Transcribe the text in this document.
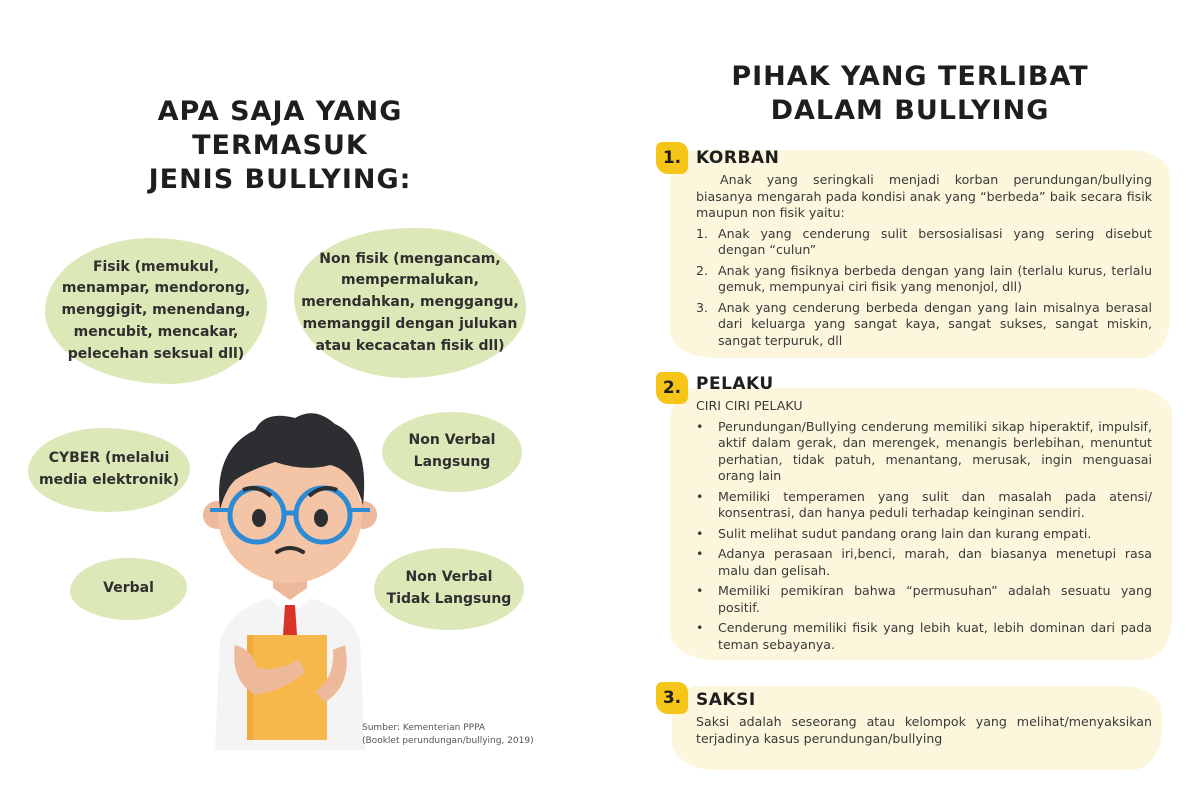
APA SAJA YANG TERMASUK
JENIS BULLYING:
Fisik (memukul,
menampar, mendorong,
menggigit, menendang,
mencubit, mencakar,
pelecehan seksual dll)
Non fisik (mengancam,
mempermalukan,
merendahkan, menggangu,
memanggil dengan julukan
atau kecacatan fisik dll)
CYBER (melalui
media elektronik)
Non Verbal
Langsung
Verbal
Non Verbal
Tidak Langsung
Sumber: Kementerian PPPA
(Booklet perundungan/bullying, 2019)
PIHAK YANG TERLIBAT
DALAM BULLYING
1. KORBAN

Anak yang seringkali menjadi korban perundungan/bullying biasanya mengarah pada kondisi anak yang “berbeda” baik secara fisik maupun non fisik yaitu:

1. Anak yang cenderung sulit bersosialisasi yang sering disebut dengan “culun”
2. Anak yang fisiknya berbeda dengan yang lain (terlalu kurus, terlalu gemuk, mempunyai ciri fisik yang menonjol, dll)
3. Anak yang cenderung berbeda dengan yang lain misalnya berasal dari keluarga yang sangat kaya, sangat sukses, sangat miskin, sangat terpuruk, dll
2. PELAKU

CIRI CIRI PELAKU

• Perundungan/Bullying cenderung memiliki sikap hiperaktif, impulsif, aktif dalam gerak, dan merengek, menangis berlebihan, menuntut perhatian, tidak patuh, menantang, merusak, ingin menguasai orang lain
• Memiliki temperamen yang sulit dan masalah pada atensi/ konsentrasi, dan hanya peduli terhadap keinginan sendiri.
• Sulit melihat sudut pandang orang lain dan kurang empati.
• Adanya perasaan iri,benci, marah, dan biasanya menetupi rasa malu dan gelisah.
• Memiliki pemikiran bahwa “permusuhan” adalah sesuatu yang positif.
• Cenderung memiliki fisik yang lebih kuat, lebih dominan dari pada teman sebayanya.
3. SAKSI
Saksi adalah seseorang atau kelompok yang melihat/menyaksikan terjadinya kasus perundungan/bullying
